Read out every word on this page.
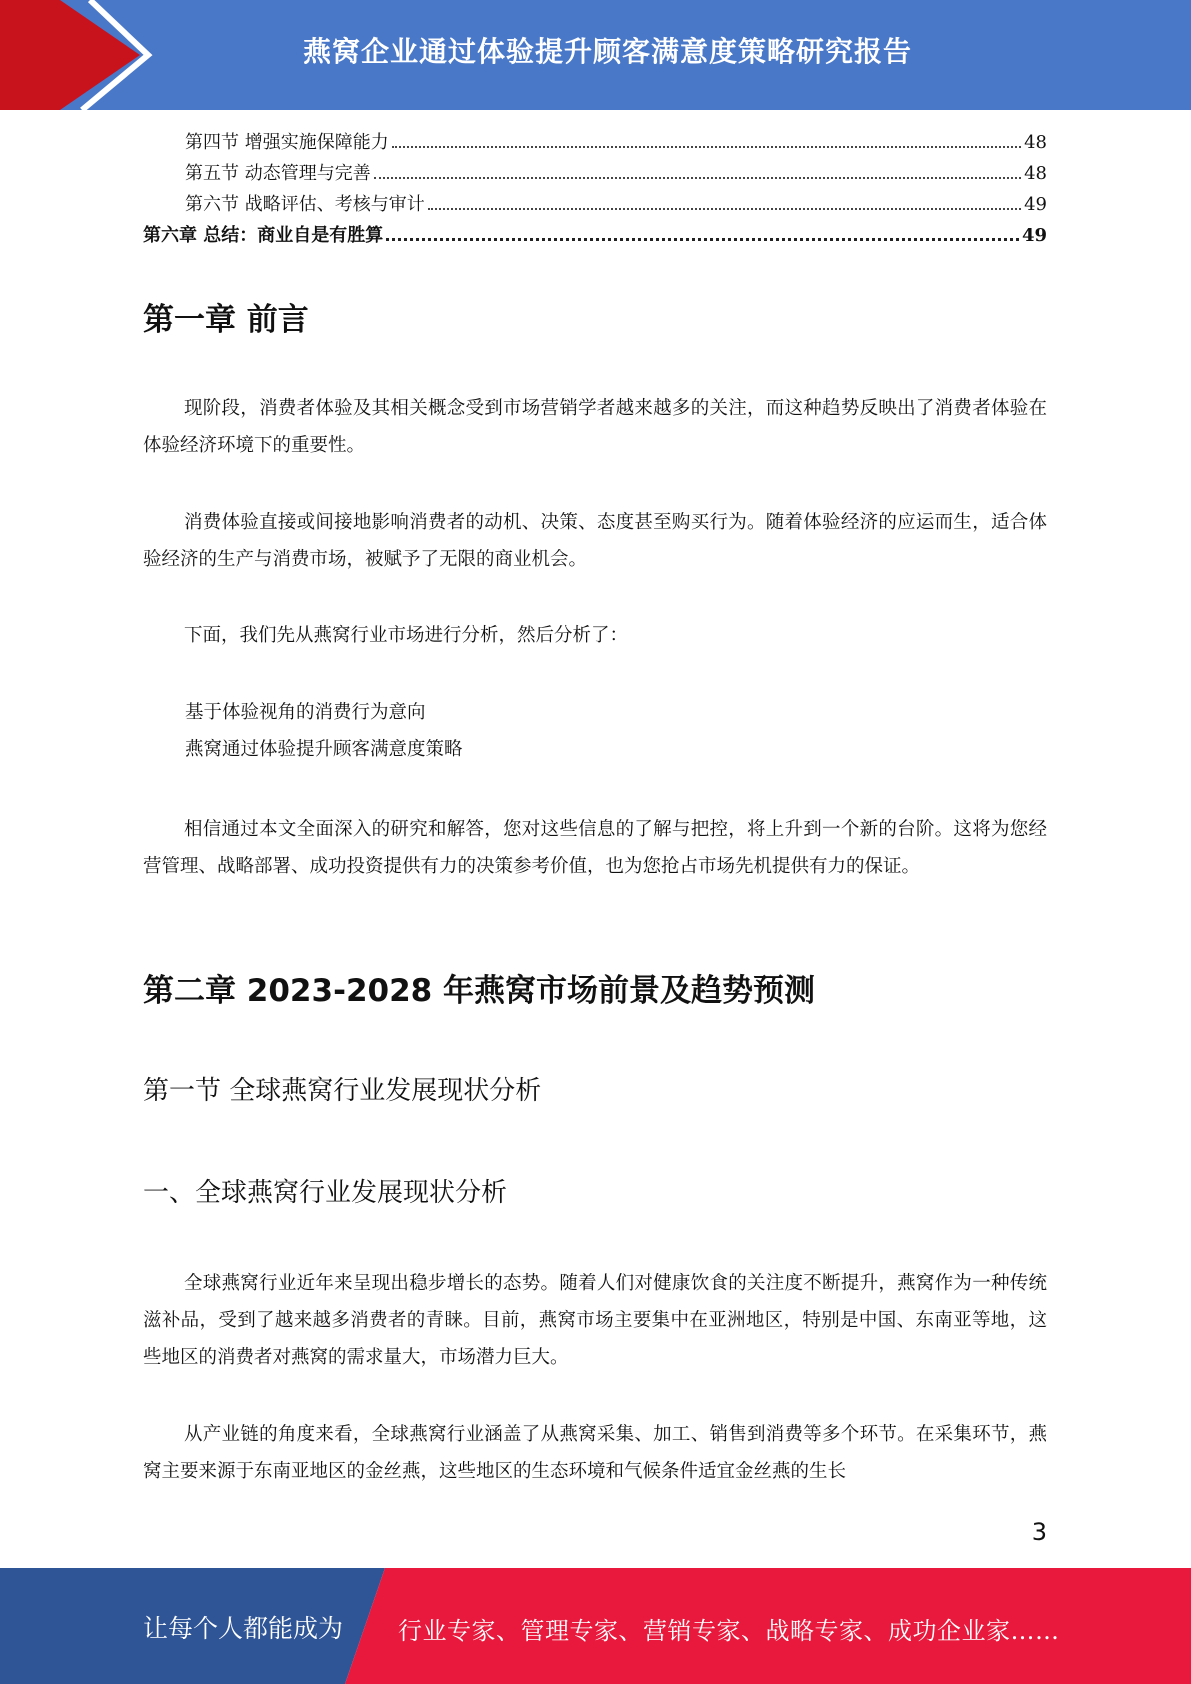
燕窝企业通过体验提升顾客满意度策略研究报告
第四节 增强实施保障能力	48
第五节 动态管理与完善	48
第六节 战略评估、考核与审计	49
第六章 总结：商业自是有胜算	49
第一章 前言
现阶段，消费者体验及其相关概念受到市场营销学者越来越多的关注，而这种趋势反映出了消费者体验在体验经济环境下的重要性。
消费体验直接或间接地影响消费者的动机、决策、态度甚至购买行为。随着体验经济的应运而生，适合体验经济的生产与消费市场，被赋予了无限的商业机会。
下面，我们先从燕窝行业市场进行分析，然后分析了：
基于体验视角的消费行为意向
燕窝通过体验提升顾客满意度策略
相信通过本文全面深入的研究和解答，您对这些信息的了解与把控，将上升到一个新的台阶。这将为您经营管理、战略部署、成功投资提供有力的决策参考价值，也为您抢占市场先机提供有力的保证。
第二章 2023-2028 年燕窝市场前景及趋势预测
第一节 全球燕窝行业发展现状分析
一、全球燕窝行业发展现状分析
全球燕窝行业近年来呈现出稳步增长的态势。随着人们对健康饮食的关注度不断提升，燕窝作为一种传统滋补品，受到了越来越多消费者的青睐。目前，燕窝市场主要集中在亚洲地区，特别是中国、东南亚等地，这些地区的消费者对燕窝的需求量大，市场潜力巨大。
从产业链的角度来看，全球燕窝行业涵盖了从燕窝采集、加工、销售到消费等多个环节。在采集环节，燕窝主要来源于东南亚地区的金丝燕，这些地区的生态环境和气候条件适宜金丝燕的生长
3
让每个人都能成为 行业专家、管理专家、营销专家、战略专家、成功企业家……
